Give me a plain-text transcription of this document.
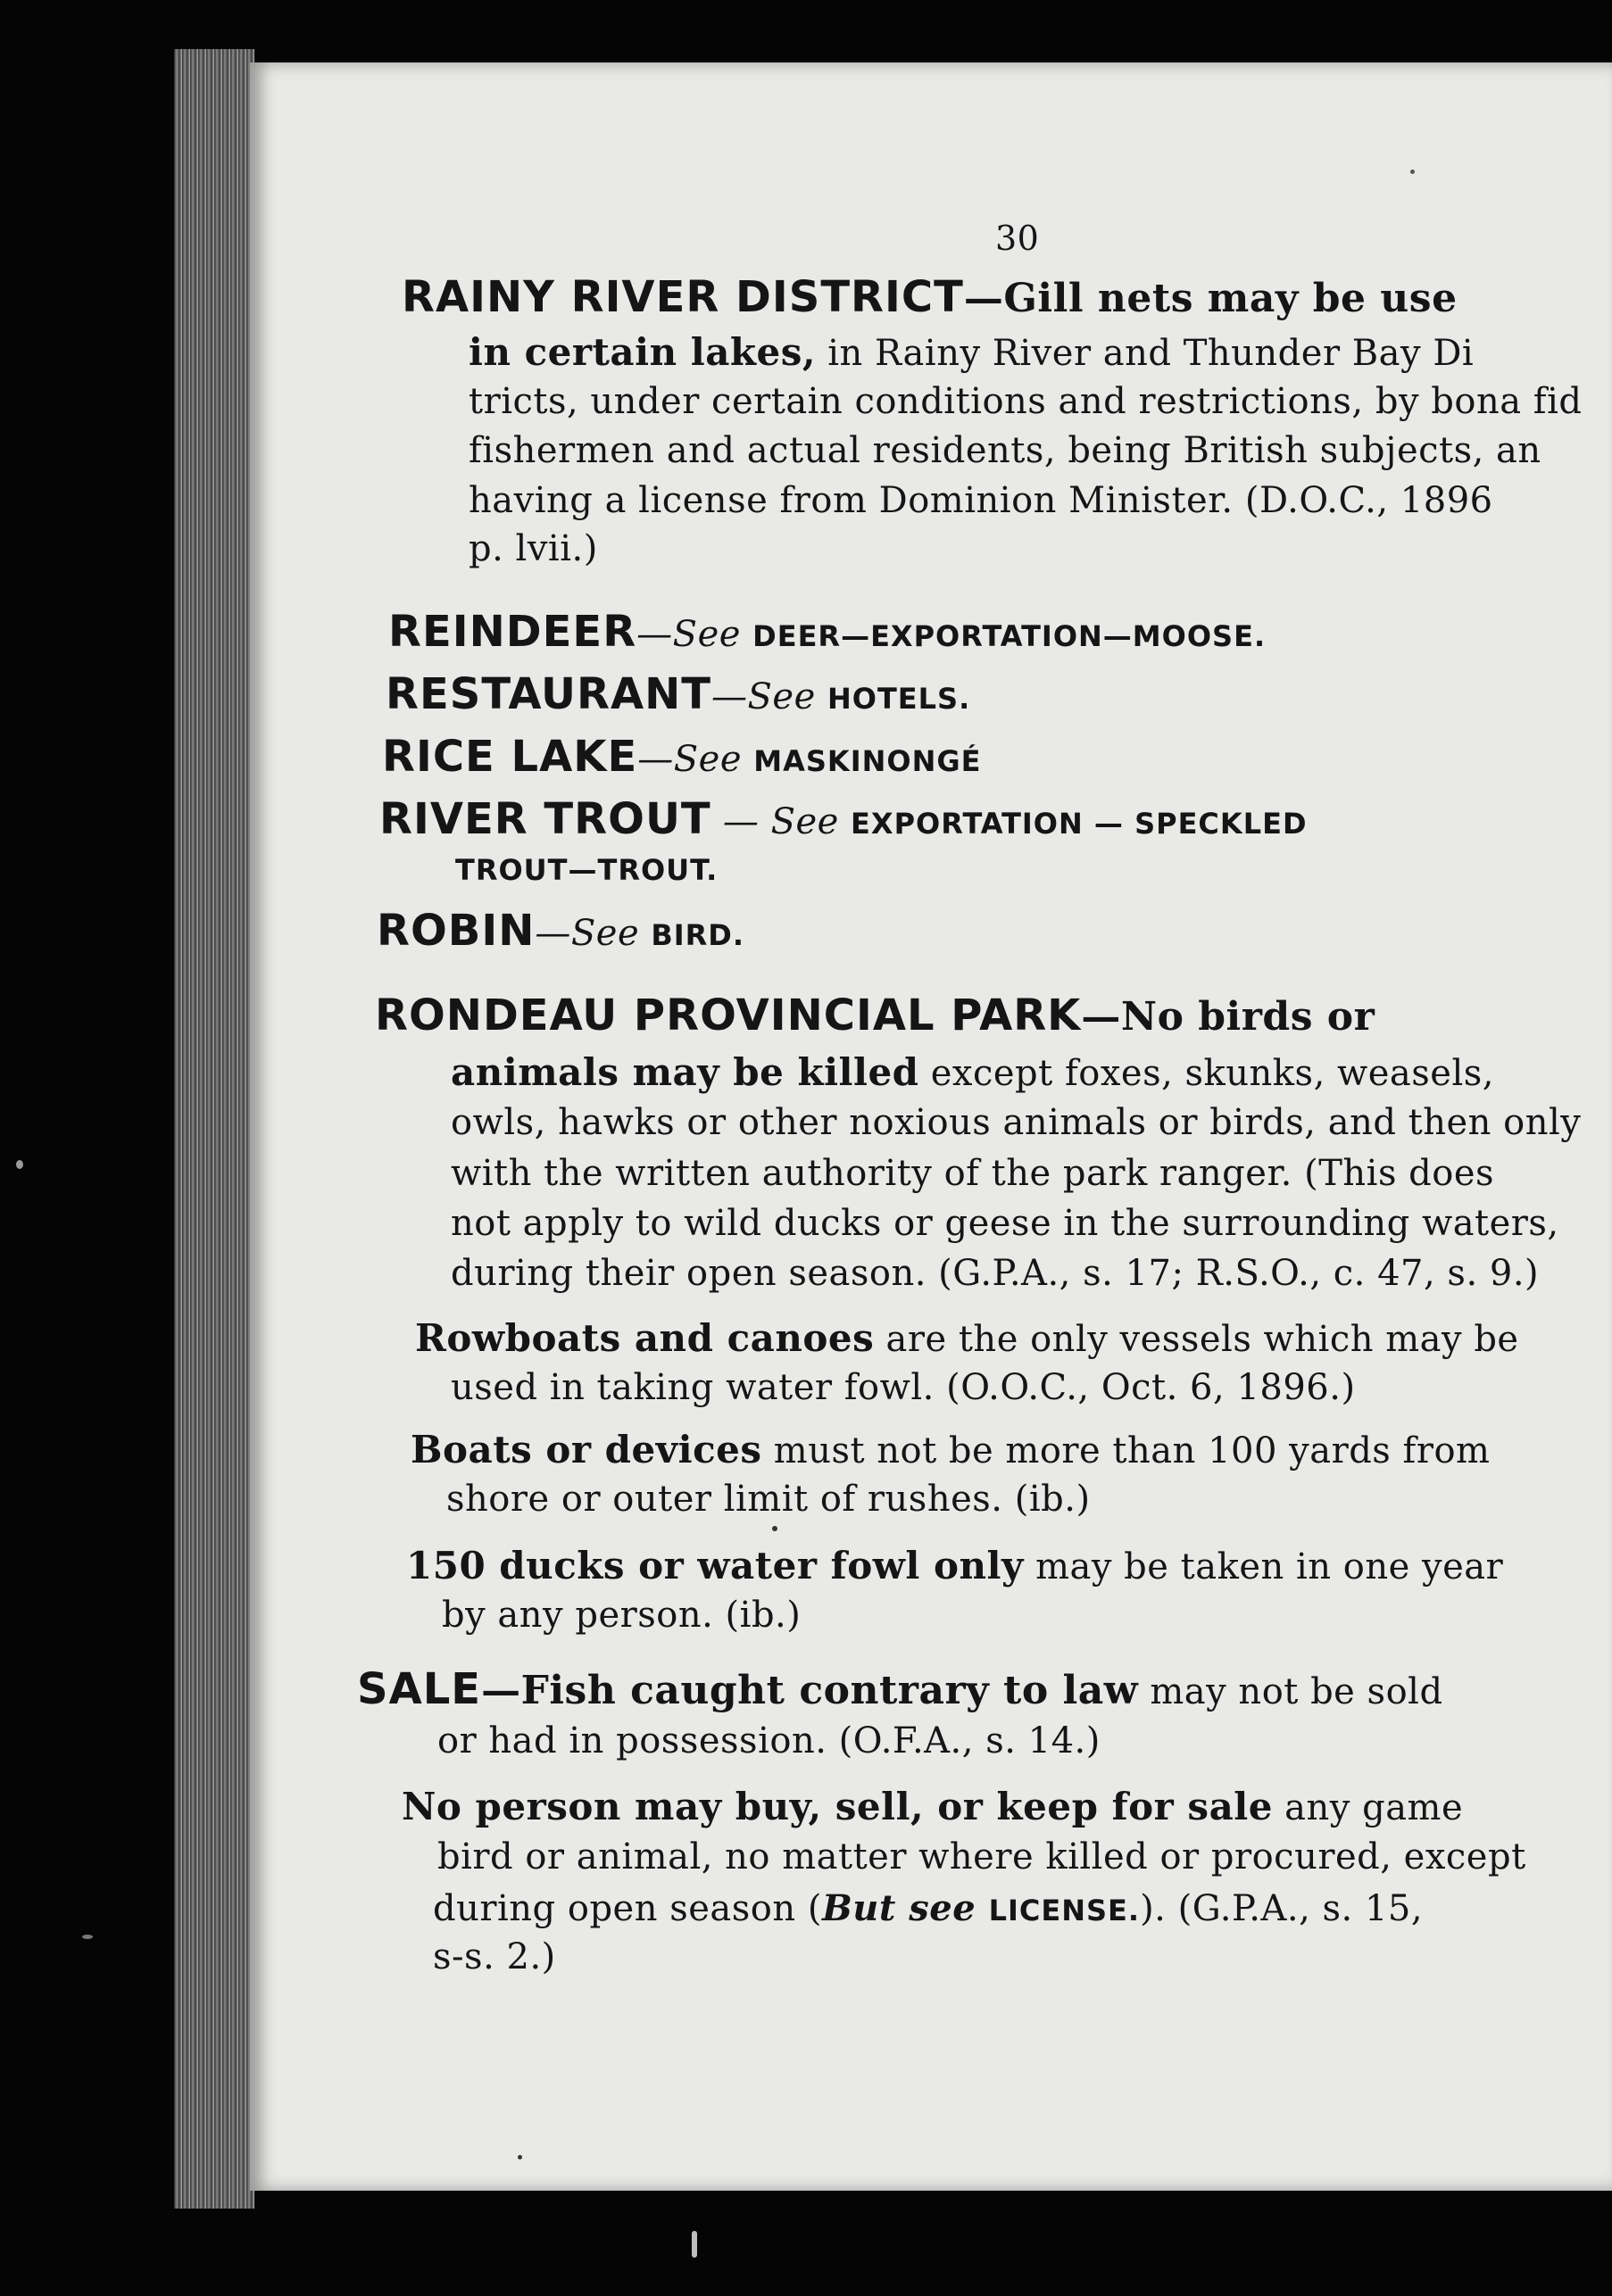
30
RAINY RIVER DISTRICT—Gill nets may be use
in certain lakes, in Rainy River and Thunder Bay Di
tricts, under certain conditions and restrictions, by bona fid
fishermen and actual residents, being British subjects, an
having a license from Dominion Minister. (D.O.C., 1896
p. lvii.)
REINDEER—See DEER—EXPORTATION—MOOSE.
RESTAURANT—See HOTELS.
RICE LAKE—See MASKINONGÉ
RIVER TROUT — See EXPORTATION — SPECKLED
TROUT—TROUT.
ROBIN—See BIRD.
RONDEAU PROVINCIAL PARK—No birds or
animals may be killed except foxes, skunks, weasels,
owls, hawks or other noxious animals or birds, and then only
with the written authority of the park ranger. (This does
not apply to wild ducks or geese in the surrounding waters,
during their open season. (G.P.A., s. 17; R.S.O., c. 47, s. 9.)
Rowboats and canoes are the only vessels which may be
used in taking water fowl. (O.O.C., Oct. 6, 1896.)
Boats or devices must not be more than 100 yards from
shore or outer limit of rushes. (ib.)
150 ducks or water fowl only may be taken in one year
by any person. (ib.)
SALE—Fish caught contrary to law may not be sold
or had in possession. (O.F.A., s. 14.)
No person may buy, sell, or keep for sale any game
bird or animal, no matter where killed or procured, except
during open season (But see LICENSE.). (G.P.A., s. 15,
s-s. 2.)
